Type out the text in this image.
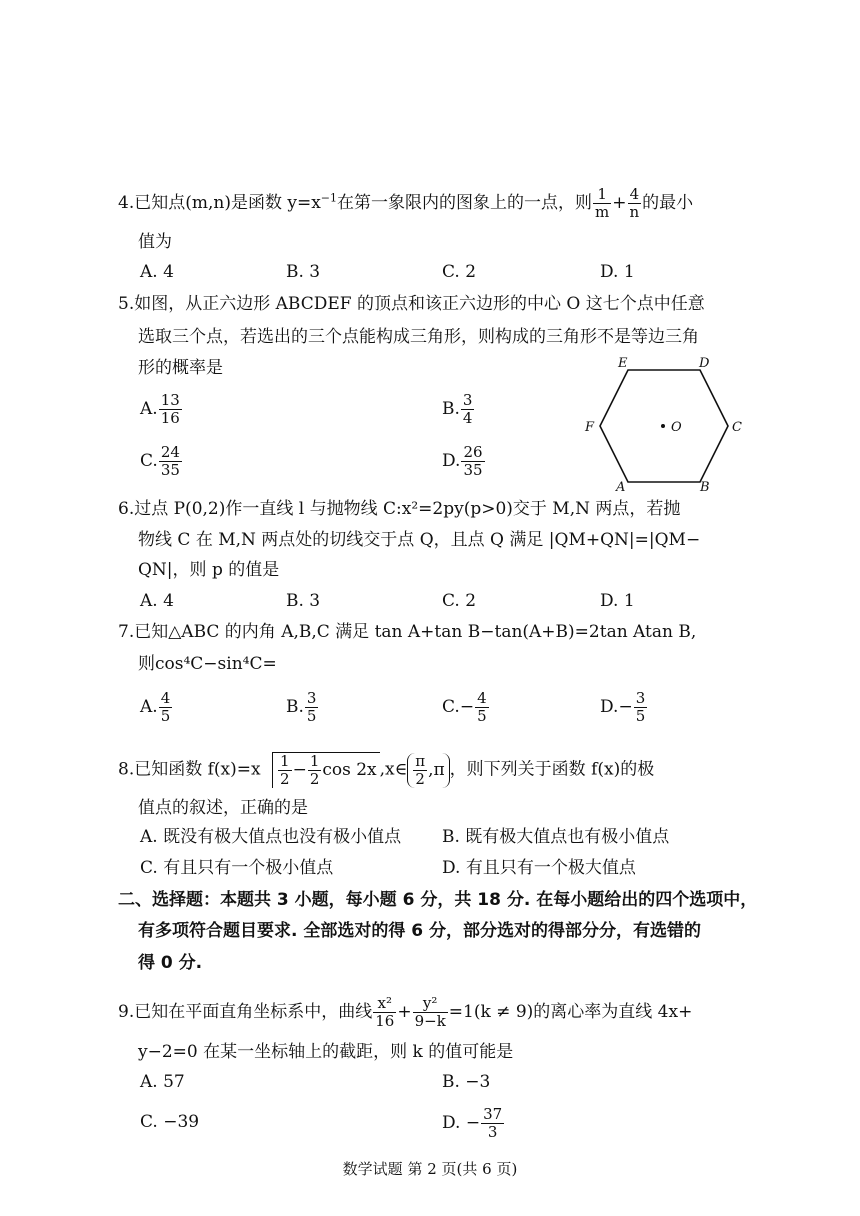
4.已知点(m,n)是函数 $y=x^{-1}$在第一象限内的图象上的一点，则 $\frac{1}{m} + \frac{4}{n}$ 的最小
值为
A. 4	B. 3	C. 2	D. 1
5.如图，从正六边形 ABCDEF 的顶点和该正六边形的中心 O 这七个点中任意
选取三个点，若选出的三个点能构成三角形，则构成的三角形不是等边三角
形的概率是
A. $\frac{13}{16}$	B. $\frac{3}{4}$
C. $\frac{24}{35}$	D. $\frac{26}{35}$
E	D
F	O	C
A	B
6.过点 P(0,2)作一直线 l 与抛物线 C:x²=2py(p>0)交于 M,N 两点，若抛
物线 C 在 M,N 两点处的切线交于点 Q，且点 Q 满足 |QM+QN|=|QM−
QN|，则 p 的值是
A. 4	B. 3	C. 2	D. 1
7.已知△ABC 的内角 A,B,C 满足 tan A+tan B−tan(A+B)=2tan Atan B,
则cos⁴C−sin⁴C=
A. $\frac{4}{5}$	B. $\frac{3}{5}$	$C.- \frac{4}{5}$	$D.- \frac{3}{5}$
8.已知函数 $f(x)=x \frac{1}{2} - \frac{1}{2}$ cos 2x ,x∈ $\frac{\pi}{2} ,\pi$ ，则下列关于函数 f(x)的极
值点的叙述，正确的是
A. 既没有极大值点也没有极小值点 B. 既有极大值点也有极小值点
C. 有且只有一个极小值点	D. 有且只有一个极大值点
二、选择题：本题共 3 小题，每小题 6 分，共 18 分. 在每小题给出的四个选项中，
有多项符合题目要求. 全部选对的得 6 分，部分选对的得部分分，有选错的
得 0 分.
9.已知在平面直角坐标系中，曲线 $\frac{\text{x²}}{16} + \frac{\text{y²}}{9-k} =1(k \ne 9)$的离心率为直线 4x+
y−2=0 在某一坐标轴上的截距，则 k 的值可能是
A. 57	B. −3
C. −39	D. − $\frac{37}{3}$
数学试题 第 2 页(共 6 页)
